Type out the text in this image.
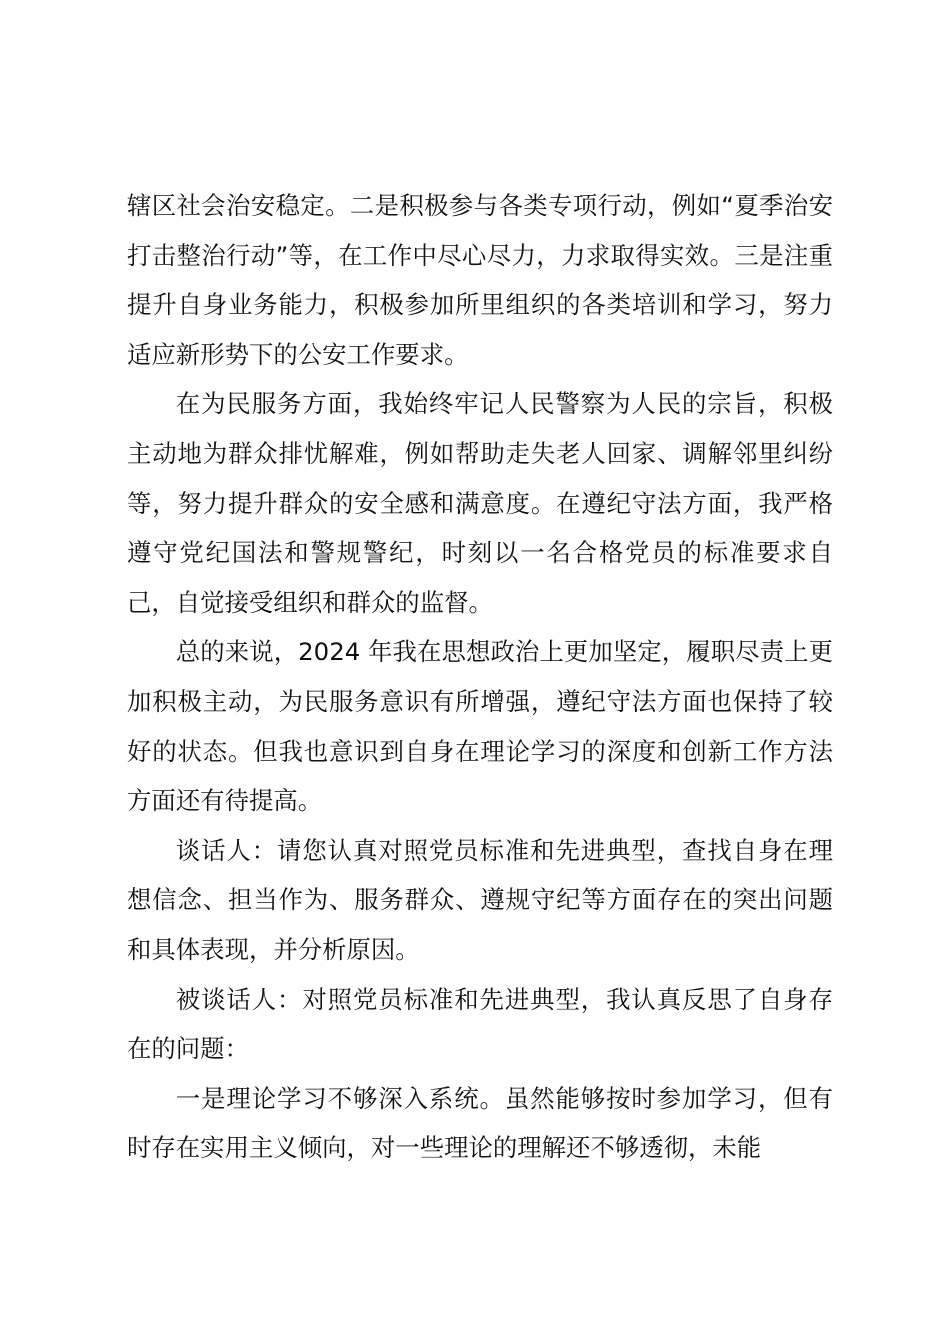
辖区社会治安稳定。二是积极参与各类专项行动，例如“夏季治安打击整治行动”等，在工作中尽心尽力，力求取得实效。三是注重提升自身业务能力，积极参加所里组织的各类培训和学习，努力适应新形势下的公安工作要求。

在为民服务方面，我始终牢记人民警察为人民的宗旨，积极主动地为群众排忧解难，例如帮助走失老人回家、调解邻里纠纷等，努力提升群众的安全感和满意度。在遵纪守法方面，我严格遵守党纪国法和警规警纪，时刻以一名合格党员的标准要求自己，自觉接受组织和群众的监督。

总的来说，2024 年我在思想政治上更加坚定，履职尽责上更加积极主动，为民服务意识有所增强，遵纪守法方面也保持了较好的状态。但我也意识到自身在理论学习的深度和创新工作方法方面还有待提高。

谈话人：请您认真对照党员标准和先进典型，查找自身在理想信念、担当作为、服务群众、遵规守纪等方面存在的突出问题和具体表现，并分析原因。

被谈话人：对照党员标准和先进典型，我认真反思了自身存在的问题：

一是理论学习不够深入系统。虽然能够按时参加学习，但有时存在实用主义倾向，对一些理论的理解还不够透彻，未能
